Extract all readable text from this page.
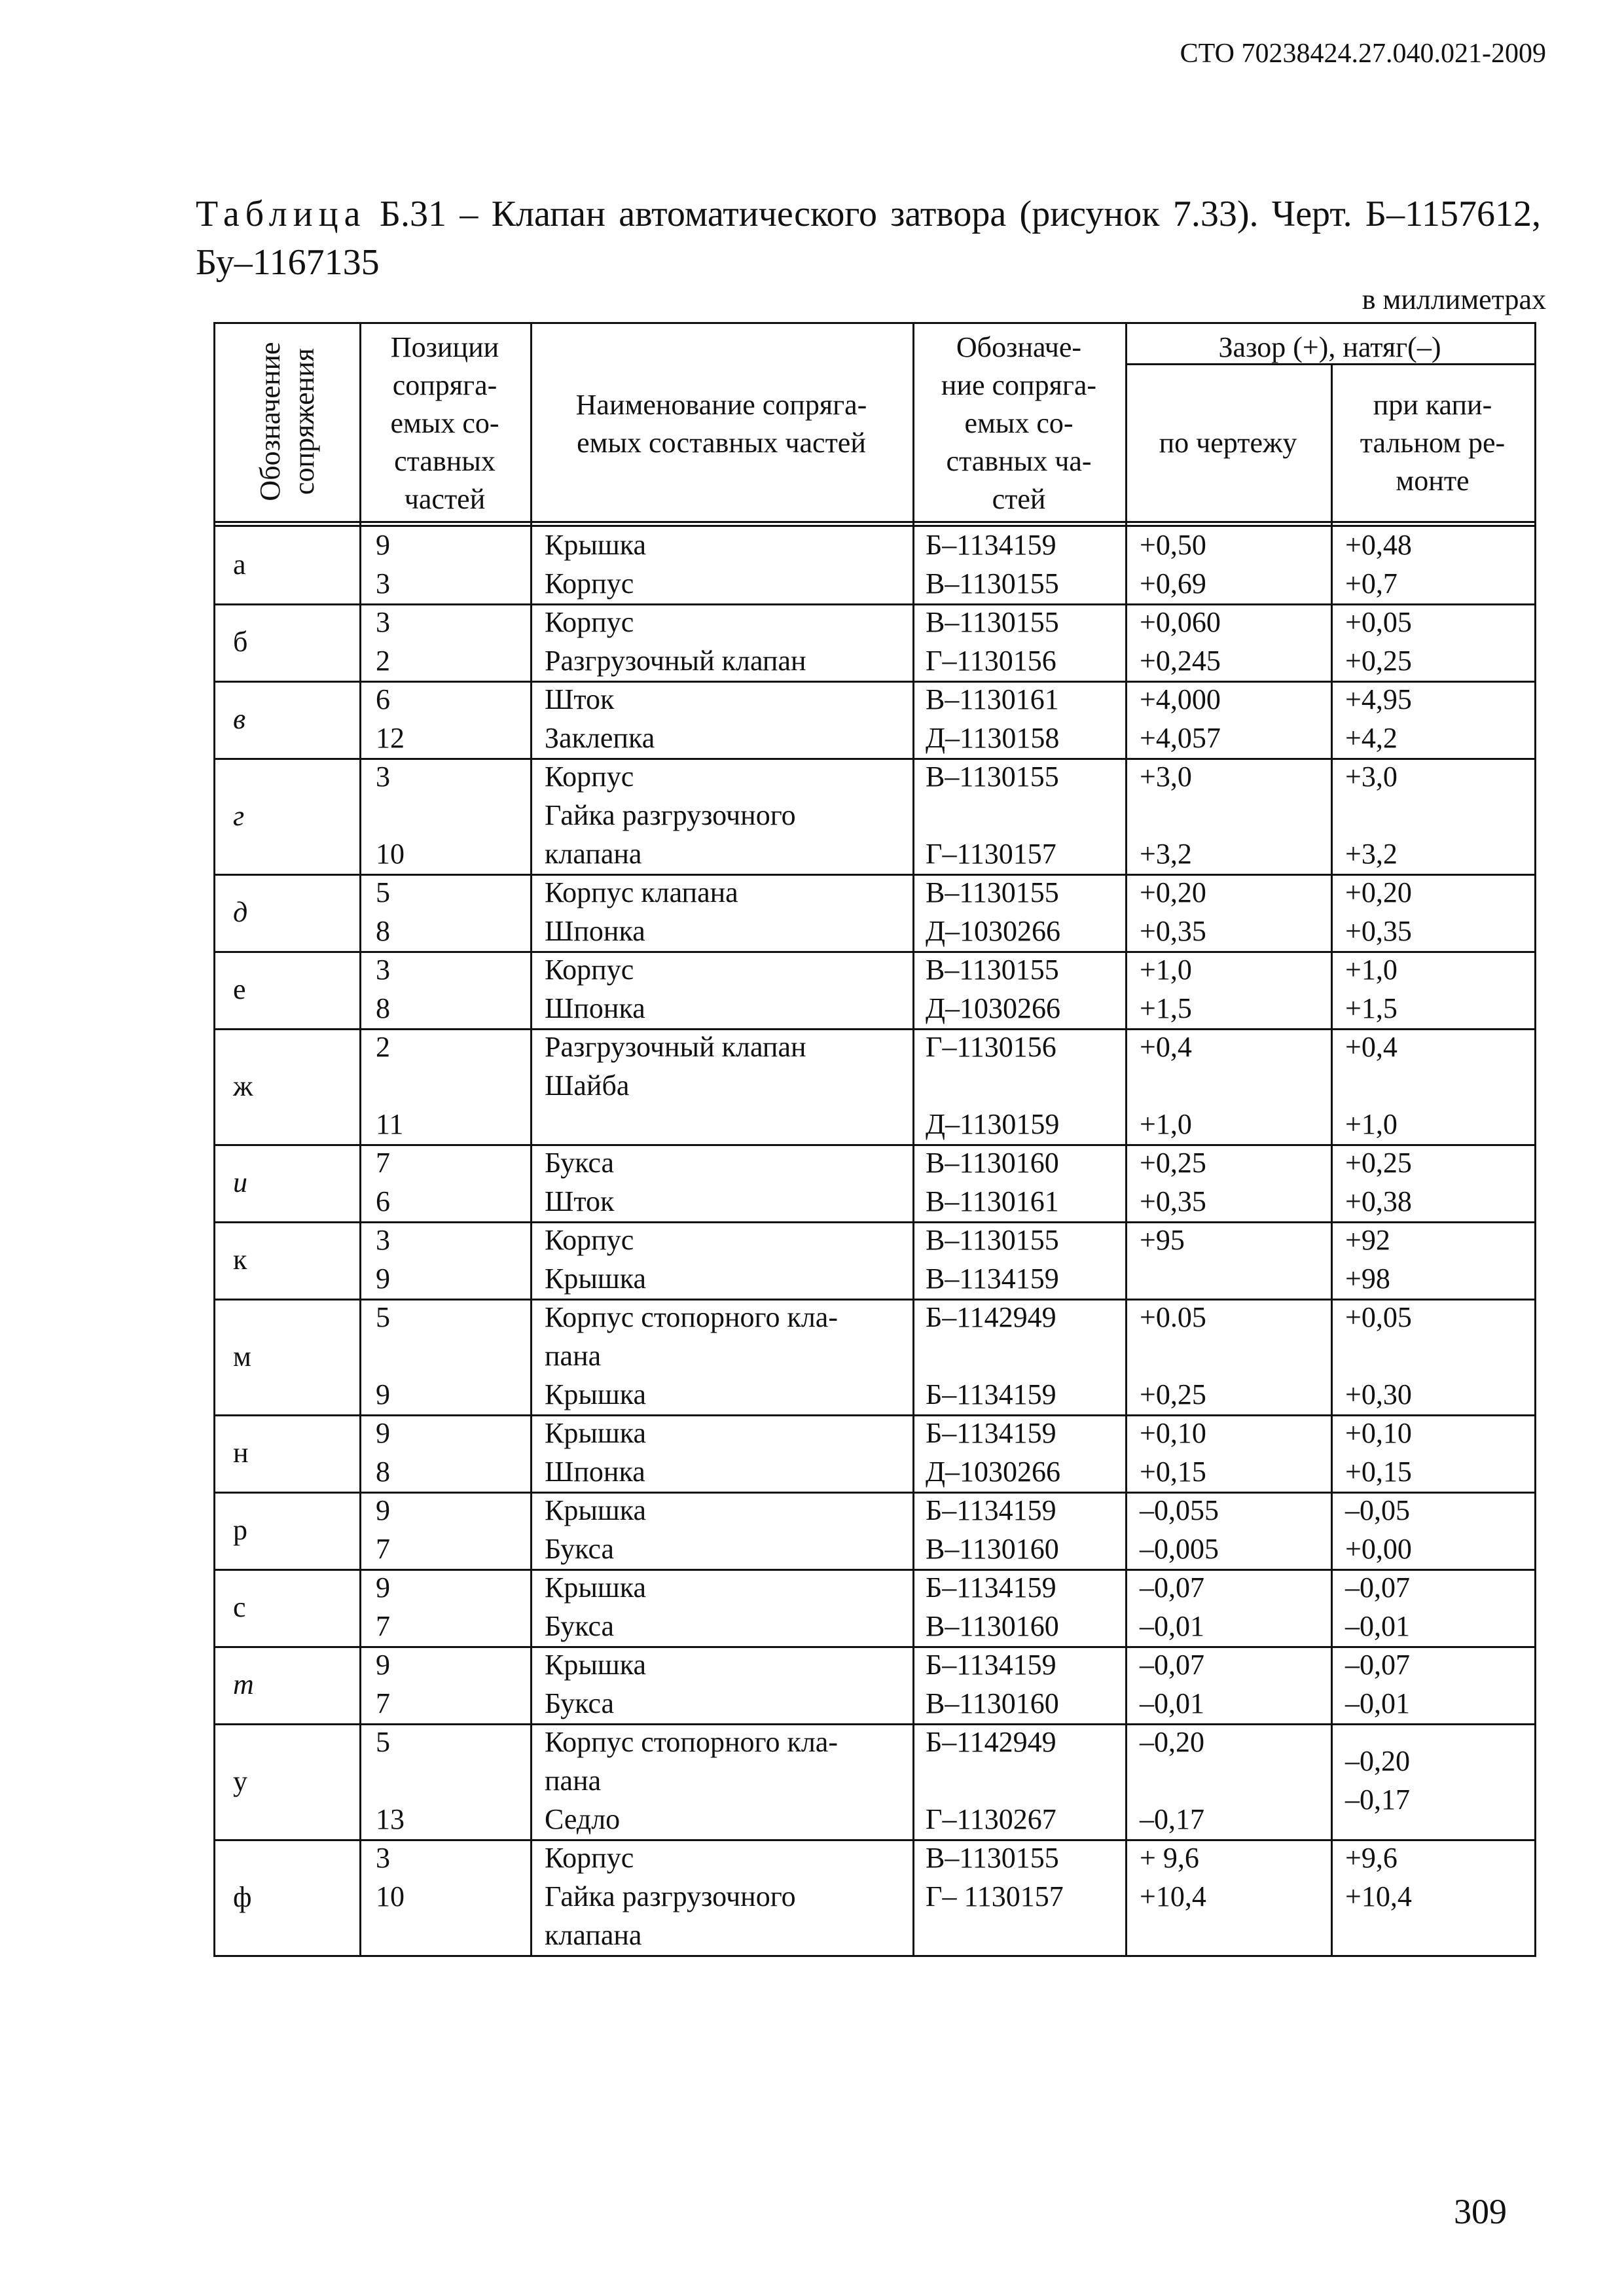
СТО 70238424.27.040.021-2009
Таблица Б.31 – Клапан автоматического затвора (рисунок 7.33). Черт. Б–1157612, Бу–1167135
в миллиметрах
309
Обозначение сопряжения
Позиции
сопряга-
емых со-
ставных
частей
Наименование сопряга-
емых составных частей
Обозначе-
ние сопряга-
емых со-
ставных ча-
стей
Зазор (+), натяг(–)
по чертежу
при капи-
тальном ре-
монте
а
9
3
Крышка
Корпус
Б–1134159
В–1130155
+0,50
+0,69
+0,48
+0,7
б
3
2
Корпус
Разгрузочный клапан
В–1130155
Г–1130156
+0,060
+0,245
+0,05
+0,25
в
6
12
Шток
Заклепка
В–1130161
Д–1130158
+4,000
+4,057
+4,95
+4,2
г
3
10
Корпус
Гайка разгрузочного
клапана
В–1130155
Г–1130157
+3,0
+3,2
+3,0
+3,2
д
5
8
Корпус клапана
Шпонка
В–1130155
Д–1030266
+0,20
+0,35
+0,20
+0,35
е
3
8
Корпус
Шпонка
В–1130155
Д–1030266
+1,0
+1,5
+1,0
+1,5
ж
2
11
Разгрузочный клапан
Шайба
Г–1130156
Д–1130159
+0,4
+1,0
+0,4
+1,0
и
7
6
Букса
Шток
В–1130160
В–1130161
+0,25
+0,35
+0,25
+0,38
к
3
9
Корпус
Крышка
В–1130155
В–1134159
+95	+92
+98
м
5
9
Корпус стопорного кла-
пана
Крышка
Б–1142949
Б–1134159
+0.05
+0,25
+0,05
+0,30
н
9
8
Крышка
Шпонка
Б–1134159
Д–1030266
+0,10
+0,15
+0,10
+0,15
р
9
7
Крышка
Букса
Б–1134159
В–1130160
–0,055
–0,005
–0,05
+0,00
с
9
7
Крышка
Букса
Б–1134159
В–1130160
–0,07
–0,01
–0,07
–0,01
т
9
7
Крышка
Букса
Б–1134159
В–1130160
–0,07
–0,01
–0,07
–0,01
у
5
13
Корпус стопорного кла-
пана
Седло
Б–1142949
Г–1130267
–0,20
–0,17
–0,20
–0,17
ф
3
10
Корпус
Гайка разгрузочного
клапана
В–1130155
Г– 1130157
+ 9,6
+10,4
+9,6
+10,4
